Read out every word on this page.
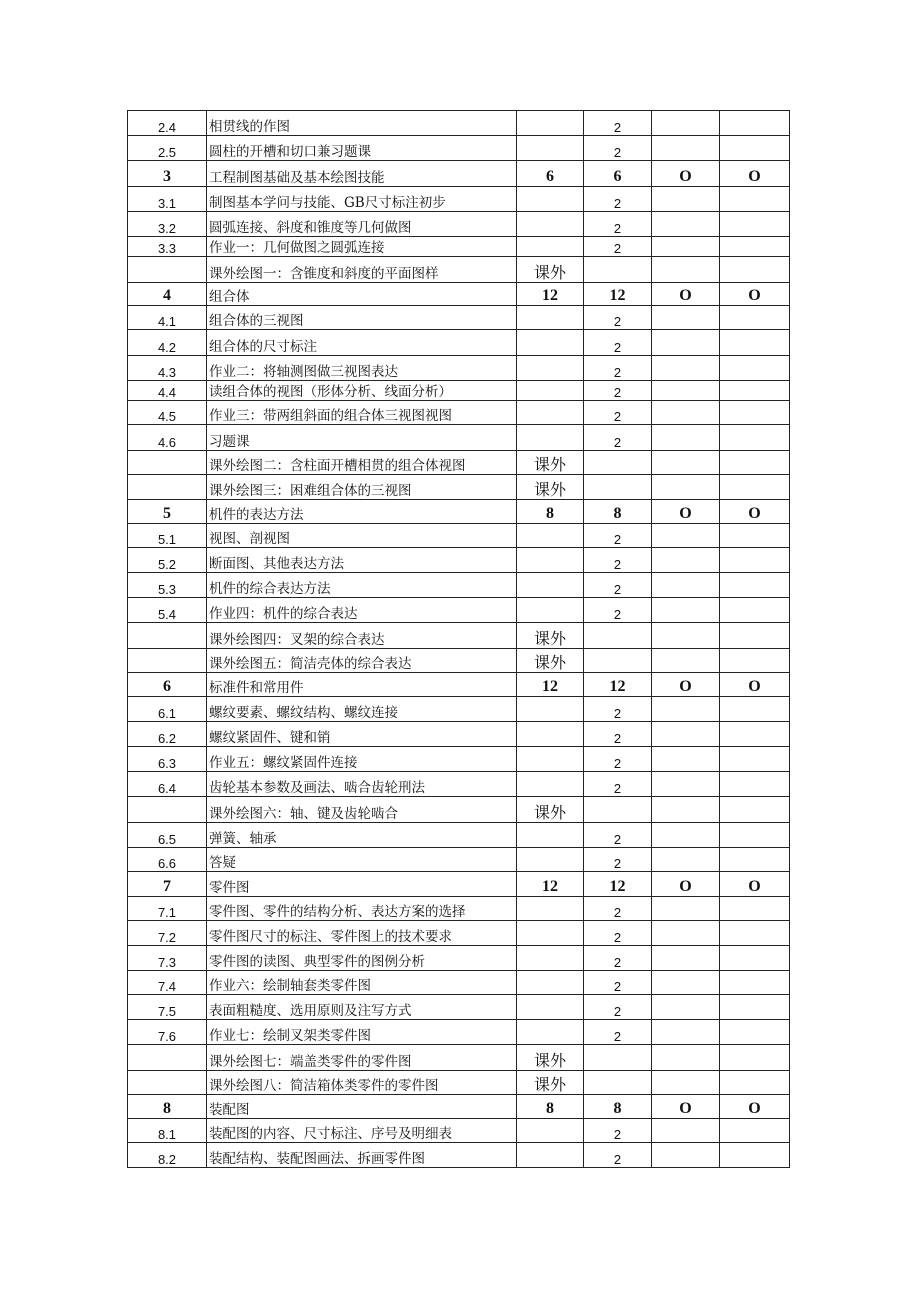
2.4	相贯线的作图		2		
2.5	圆柱的开槽和切口兼习题课		2		
3	工程制图基础及基本绘图技能	6	6	O	O
3.1	制图基本学问与技能、GB尺寸标注初步		2		
3.2	圆弧连接、斜度和锥度等几何做图		2		
3.3	作业一：几何做图之圆弧连接		2		
	课外绘图一：含锥度和斜度的平面图样	课外			
4	组合体	12	12	O	O
4.1	组合体的三视图		2		
4.2	组合体的尺寸标注		2		
4.3	作业二：将轴测图做三视图表达		2		
4.4	读组合体的视图（形体分析、线面分析）		2		
4.5	作业三：带两组斜面的组合体三视图视图		2		
4.6	习题课		2		
	课外绘图二：含柱面开槽相贯的组合体视图	课外			
	课外绘图三：困难组合体的三视图	课外			
5	机件的表达方法	8	8	O	O
5.1	视图、剖视图		2		
5.2	断面图、其他表达方法		2		
5.3	机件的综合表达方法		2		
5.4	作业四：机件的综合表达		2		
	课外绘图四：叉架的综合表达	课外			
	课外绘图五：简洁壳体的综合表达	课外			
6	标准件和常用件	12	12	O	O
6.1	螺纹要素、螺纹结构、螺纹连接		2		
6.2	螺纹紧固件、键和销		2		
6.3	作业五：螺纹紧固件连接		2		
6.4	齿轮基本参数及画法、啮合齿轮刑法		2		
	课外绘图六：轴、键及齿轮啮合	课外			
6.5	弹簧、轴承		2		
6.6	答疑		2		
7	零件图	12	12	O	O
7.1	零件图、零件的结构分析、表达方案的选择		2		
7.2	零件图尺寸的标注、零件图上的技术要求		2		
7.3	零件图的读图、典型零件的图例分析		2		
7.4	作业六：绘制轴套类零件图		2		
7.5	表面粗糙度、选用原则及注写方式		2		
7.6	作业七：绘制叉架类零件图		2		
	课外绘图七：端盖类零件的零件图	课外			
	课外绘图八：简洁箱体类零件的零件图	课外			
8	装配图	8	8	O	O
8.1	装配图的内容、尺寸标注、序号及明细表		2		
8.2	装配结构、装配图画法、拆画零件图		2		
